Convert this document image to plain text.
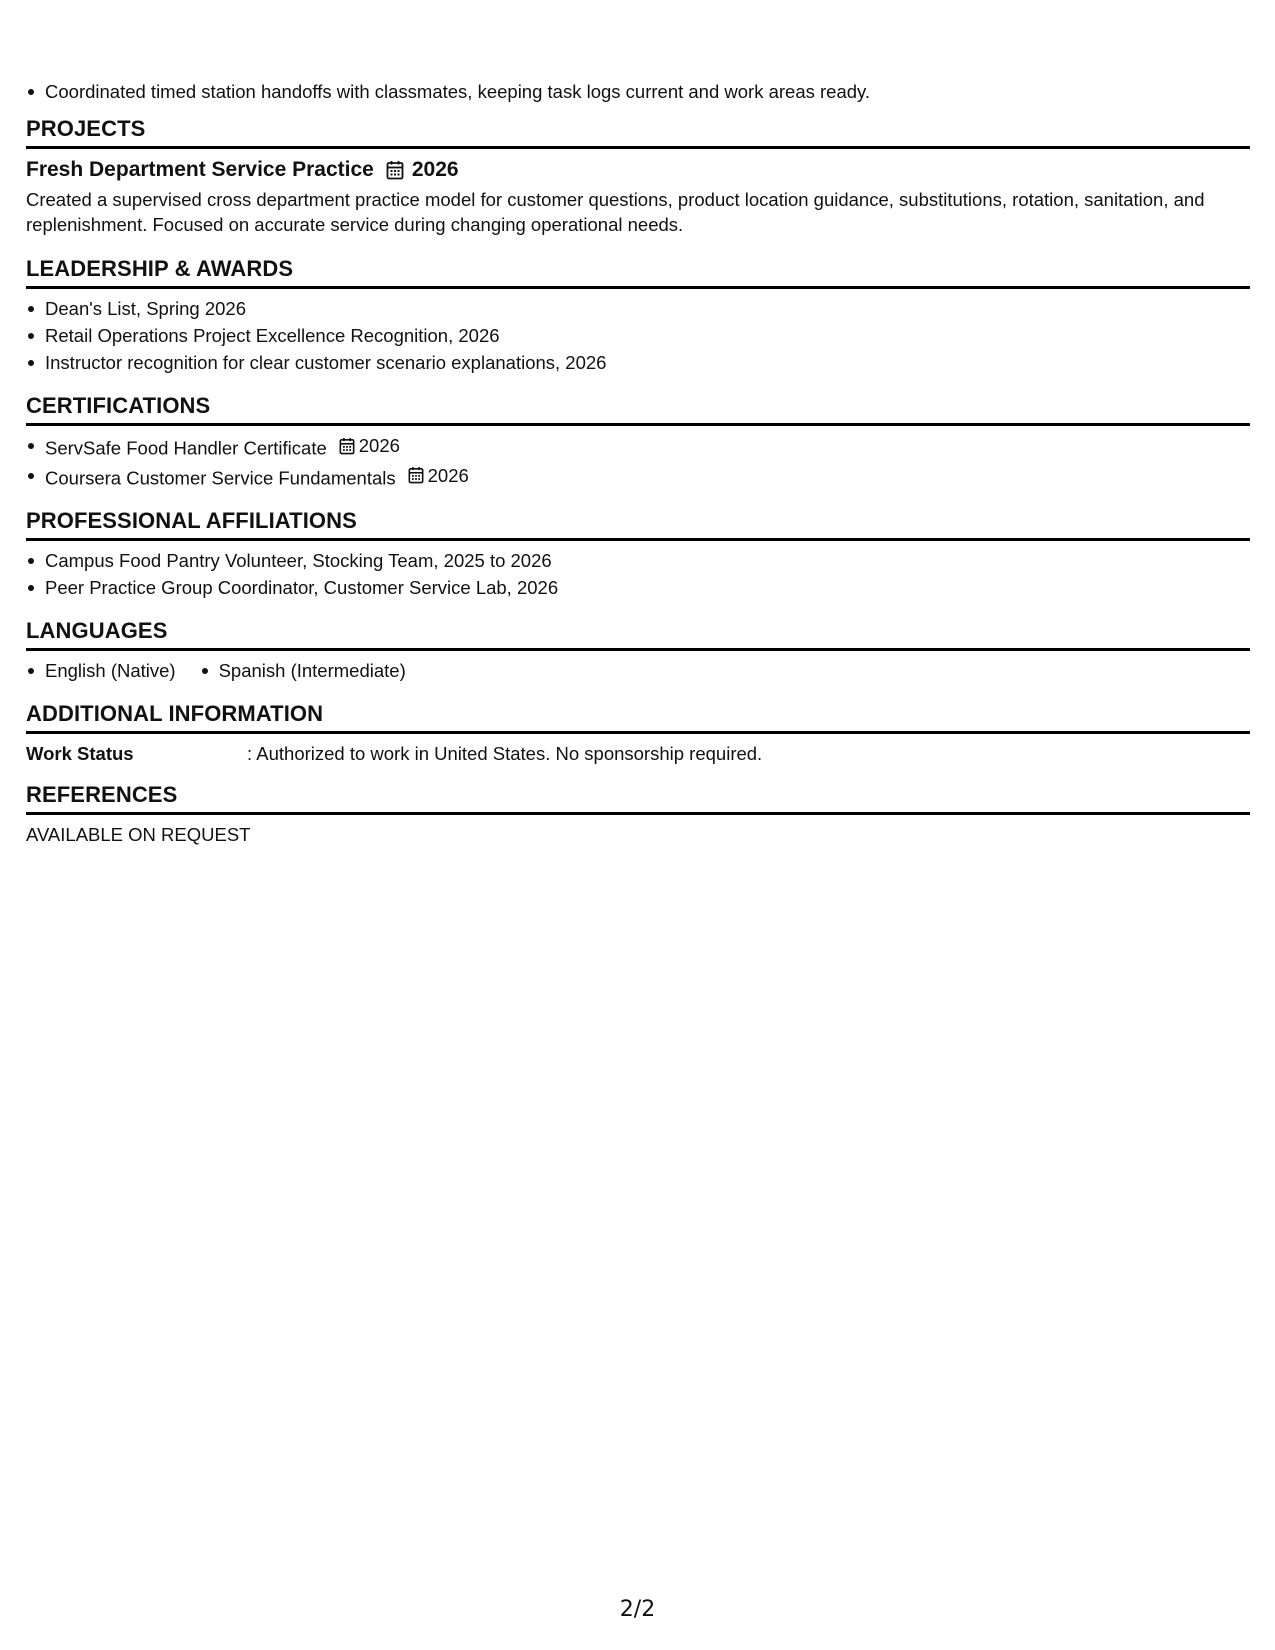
Coordinated timed station handoffs with classmates, keeping task logs current and work areas ready.
PROJECTS
Fresh Department Service Practice 2026
Created a supervised cross department practice model for customer questions, product location guidance, substitutions, rotation, sanitation, and replenishment. Focused on accurate service during changing operational needs.
LEADERSHIP & AWARDS
Dean's List, Spring 2026
Retail Operations Project Excellence Recognition, 2026
Instructor recognition for clear customer scenario explanations, 2026
CERTIFICATIONS
ServSafe Food Handler Certificate 2026
Coursera Customer Service Fundamentals 2026
PROFESSIONAL AFFILIATIONS
Campus Food Pantry Volunteer, Stocking Team, 2025 to 2026
Peer Practice Group Coordinator, Customer Service Lab, 2026
LANGUAGES
English (Native) Spanish (Intermediate)
ADDITIONAL INFORMATION
Work Status	: Authorized to work in United States. No sponsorship required.
REFERENCES
AVAILABLE ON REQUEST
2/2
